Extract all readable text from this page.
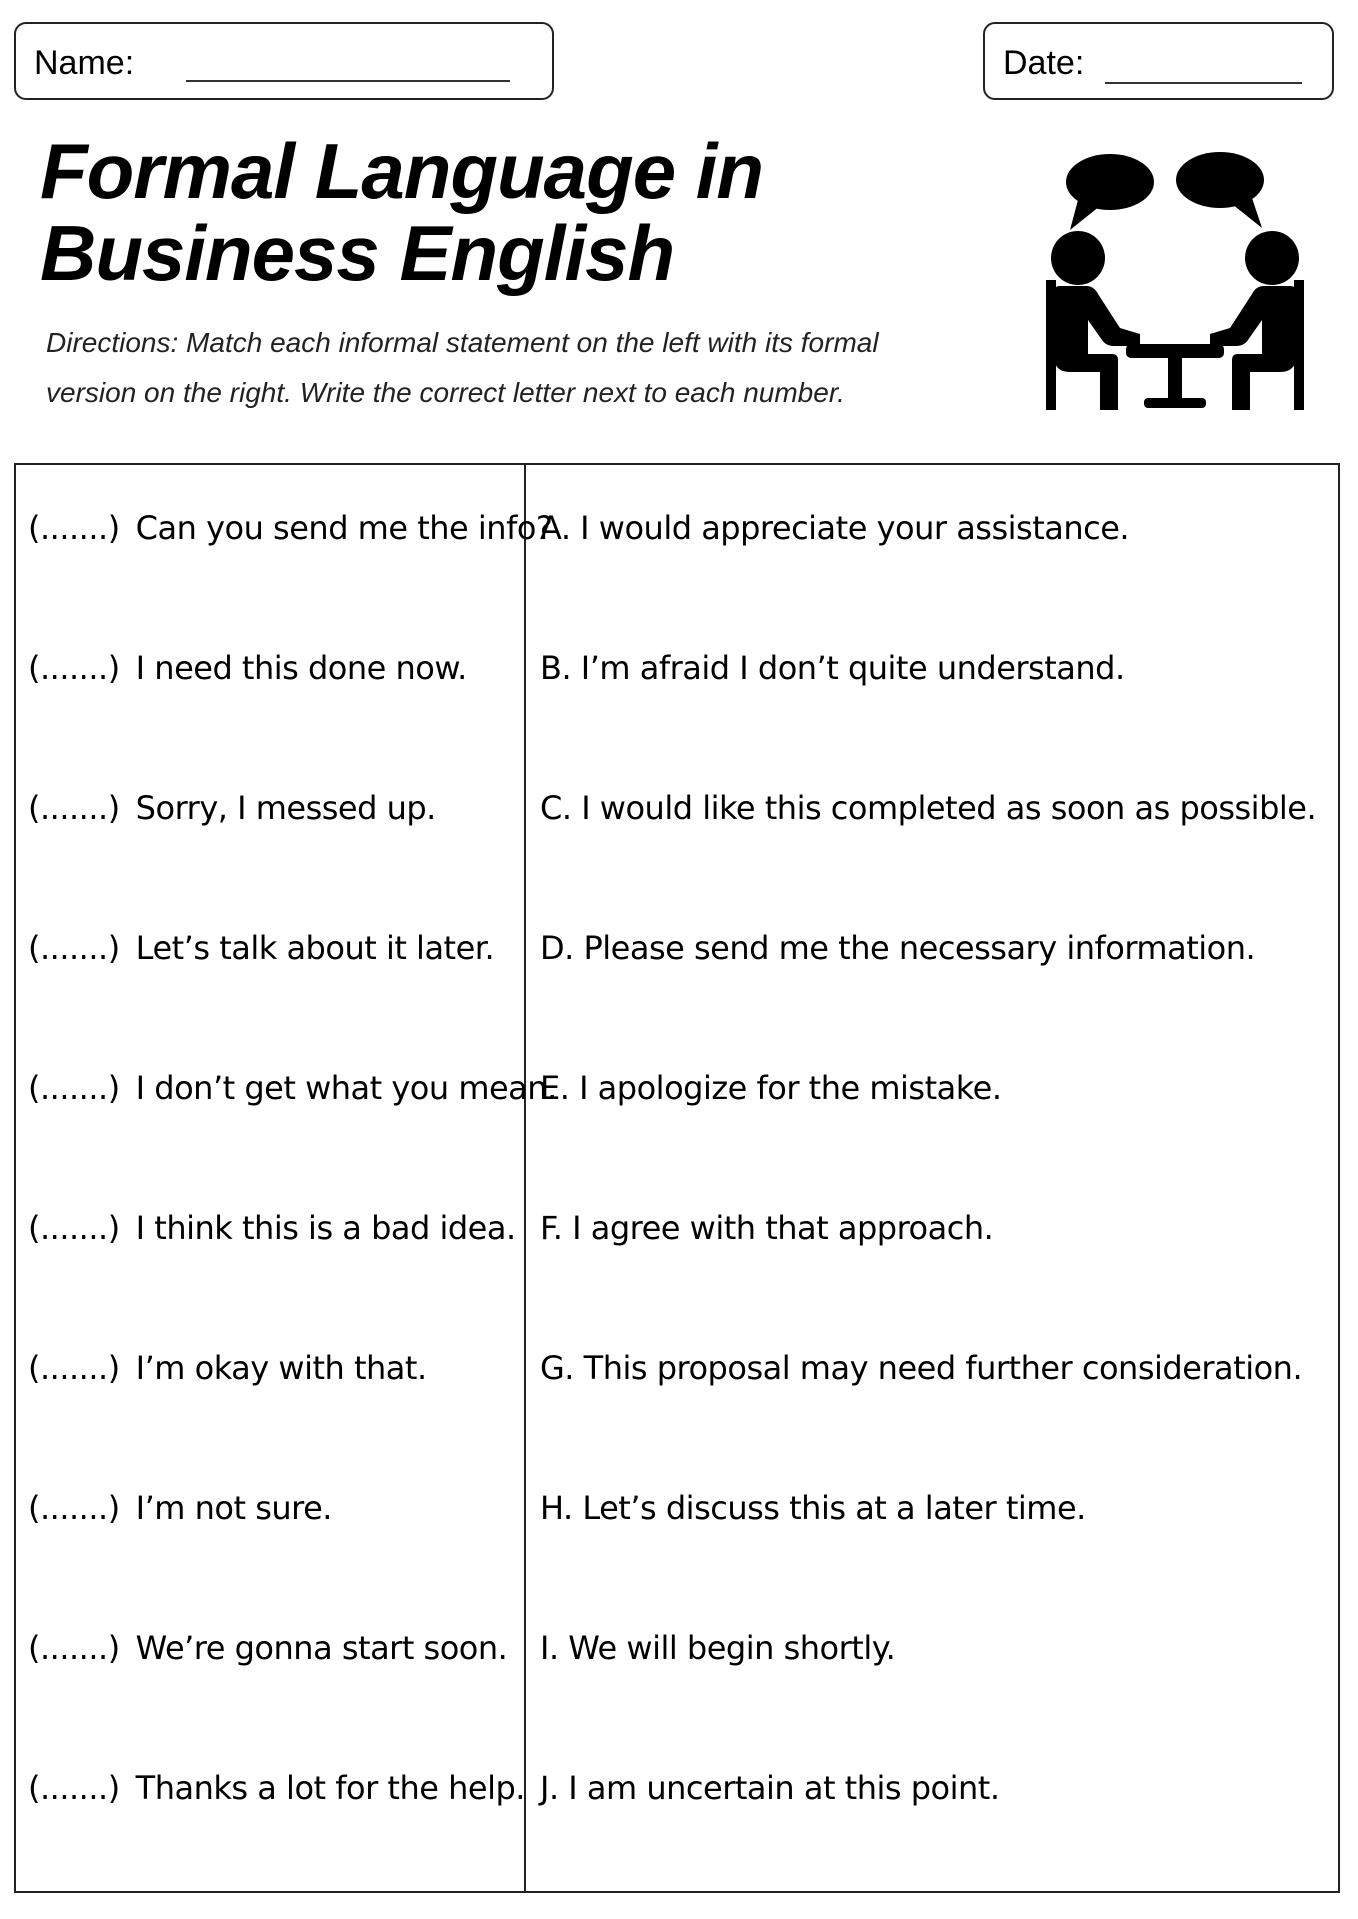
Name:	Date:
Formal Language in
Business English
Directions: Match each informal statement on the left with its formal
version on the right. Write the correct letter next to each number.
(.......) Can you send me the info?
(.......) I need this done now.
(.......) Sorry, I messed up.
(.......) Let’s talk about it later.
(.......) I don’t get what you mean.
(.......) I think this is a bad idea.
(.......) I’m okay with that.
(.......) I’m not sure.
(.......) We’re gonna start soon.
(.......) Thanks a lot for the help.
A. I would appreciate your assistance.
B. I’m afraid I don’t quite understand.
C. I would like this completed as soon as possible.
D. Please send me the necessary information.
E. I apologize for the mistake.
F. I agree with that approach.
G. This proposal may need further consideration.
H. Let’s discuss this at a later time.
I. We will begin shortly.
J. I am uncertain at this point.
